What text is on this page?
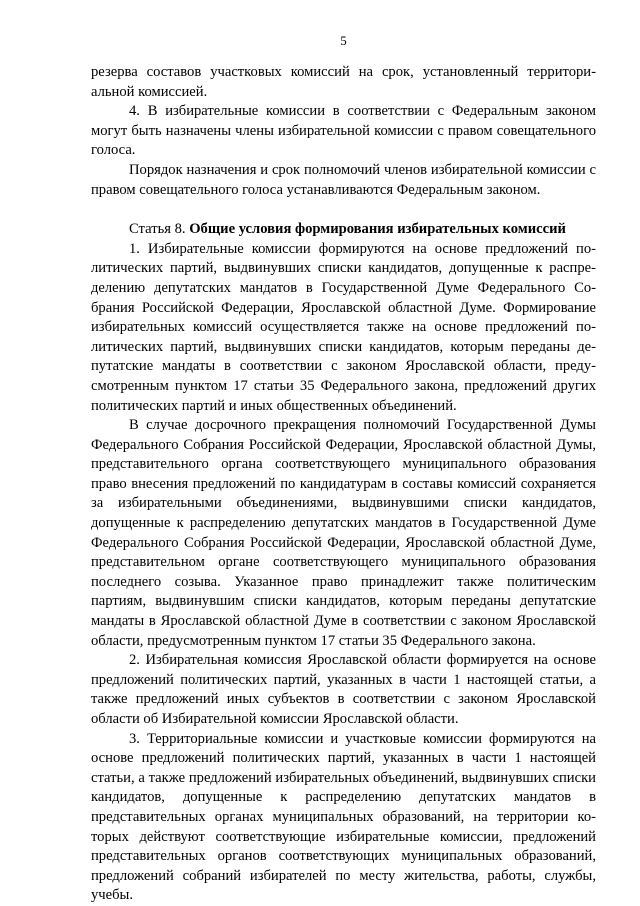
5

резерва составов участковых комиссий на срок, установленный территориальной комиссией.

4. В избирательные комиссии в соответствии с Федеральным законом могут быть назначены члены избирательной комиссии с правом совещательного голоса.

Порядок назначения и срок полномочий членов избирательной комиссии с правом совещательного голоса устанавливаются Федеральным законом.

Статья 8. Общие условия формирования избирательных комиссий

1. Избирательные комиссии формируются на основе предложений политических партий, выдвинувших списки кандидатов, допущенные к распределению депутатских мандатов в Государственной Думе Федерального Собрания Российской Федерации, Ярославской областной Думе. Формирование избирательных комиссий осуществляется также на основе предложений политических партий, выдвинувших списки кандидатов, которым переданы депутатские мандаты в соответствии с законом Ярославской области, предусмотренным пунктом 17 статьи 35 Федерального закона, предложений других политических партий и иных общественных объединений.

В случае досрочного прекращения полномочий Государственной Думы Федерального Собрания Российской Федерации, Ярославской областной Думы, представительного органа соответствующего муниципального образования право внесения предложений по кандидатурам в составы комиссий сохраняется за избирательными объединениями, выдвинувшими списки кандидатов, допущенные к распределению депутатских мандатов в Государственной Думе Федерального Собрания Российской Федерации, Ярославской областной Думе, представительном органе соответствующего муниципального образования последнего созыва. Указанное право принадлежит также политическим партиям, выдвинувшим списки кандидатов, которым переданы депутатские мандаты в Ярославской областной Думе в соответствии с законом Ярославской области, предусмотренным пунктом 17 статьи 35 Федерального закона.

2. Избирательная комиссия Ярославской области формируется на основе предложений политических партий, указанных в части 1 настоящей статьи, а также предложений иных субъектов в соответствии с законом Ярославской области об Избирательной комиссии Ярославской области.

3. Территориальные комиссии и участковые комиссии формируются на основе предложений политических партий, указанных в части 1 настоящей статьи, а также предложений избирательных объединений, выдвинувших списки кандидатов, допущенные к распределению депутатских мандатов в представительных органах муниципальных образований, на территории которых действуют соответствующие избирательные комиссии, предложений представительных органов соответствующих муниципальных образований, предложений собраний избирателей по месту жительства, работы, службы, учебы.
